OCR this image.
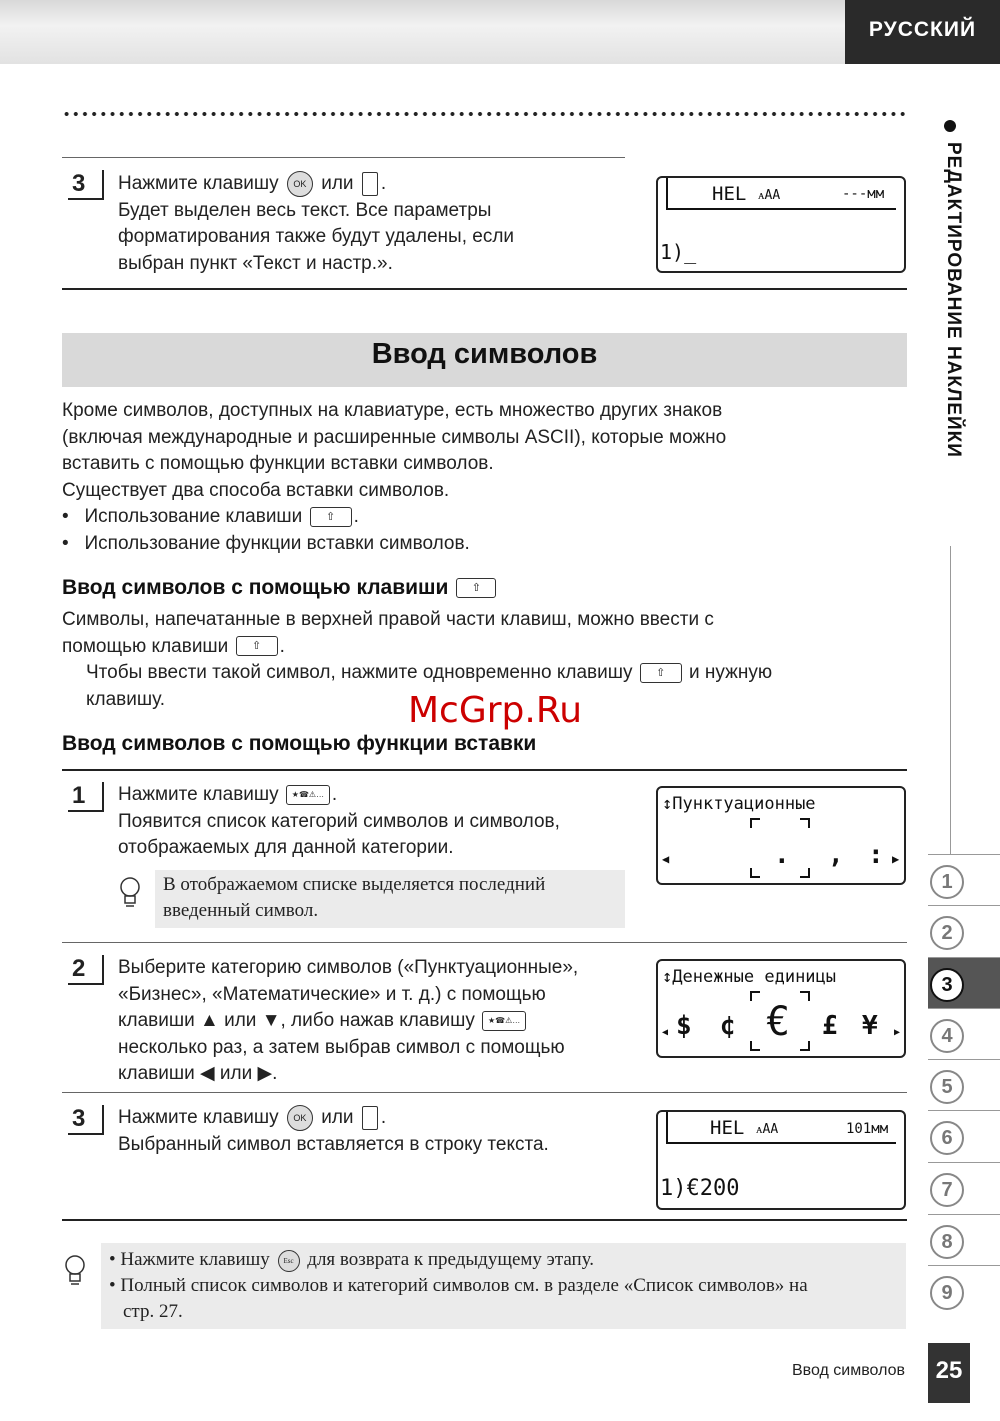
РУССКИЙ
3	Нажмите клавишу OK или .
Будет выделен весь текст. Все параметры
форматирования также будут удалены, если
выбран пункт «Текст и настр.».
HEL ᴀAA	---мм
1)_
Ввод символов
Кроме символов, доступных на клавиатуре, есть множество других знаков
(включая международные и расширенные символы ASCII), которые можно
вставить с помощью функции вставки символов.
Существует два способа вставки символов.
•   Использование клавиши ⇧ .
•   Использование функции вставки символов.
Ввод символов с помощью клавиши ⇧
Символы, напечатанные в верхней правой части клавиш, можно ввести с
помощью клавиши ⇧ .
Чтобы ввести такой символ, нажмите одновременно клавишу ⇧ и нужную
клавишу.	McGrp.Ru
Ввод символов с помощью функции вставки
1	Нажмите клавишу ★☎⚠… .
Появится список категорий символов и символов,
отображаемых для данной категории.
В отображаемом списке выделяется последний
введенный символ.
↕Пунктуационные
◀	▶
. , :
2	Выберите категорию символов («Пунктуационные»,
«Бизнес», «Математические» и т. д.) с помощью
клавиши ▲ или ▼, либо нажав клавишу ★☎⚠…
несколько раз, а затем выбрав символ с помощью
клавиши ◀ или ▶.
↕Денежные единицы
◀	▶
$ ¢ € £ ¥
3	Нажмите клавишу OK или .
Выбранный символ вставляется в строку текста.
HEL ᴀAA	101мм
1)€200
• Нажмите клавишу Esc для возврата к предыдущему этапу.
• Полный список символов и категорий символов см. в разделе «Список символов» на
стр. 27.
РЕДАКТИРОВАНИЕ НАКЛЕЙКИ
1
2
3
4
5
6
7
8
9
Ввод символов	25
